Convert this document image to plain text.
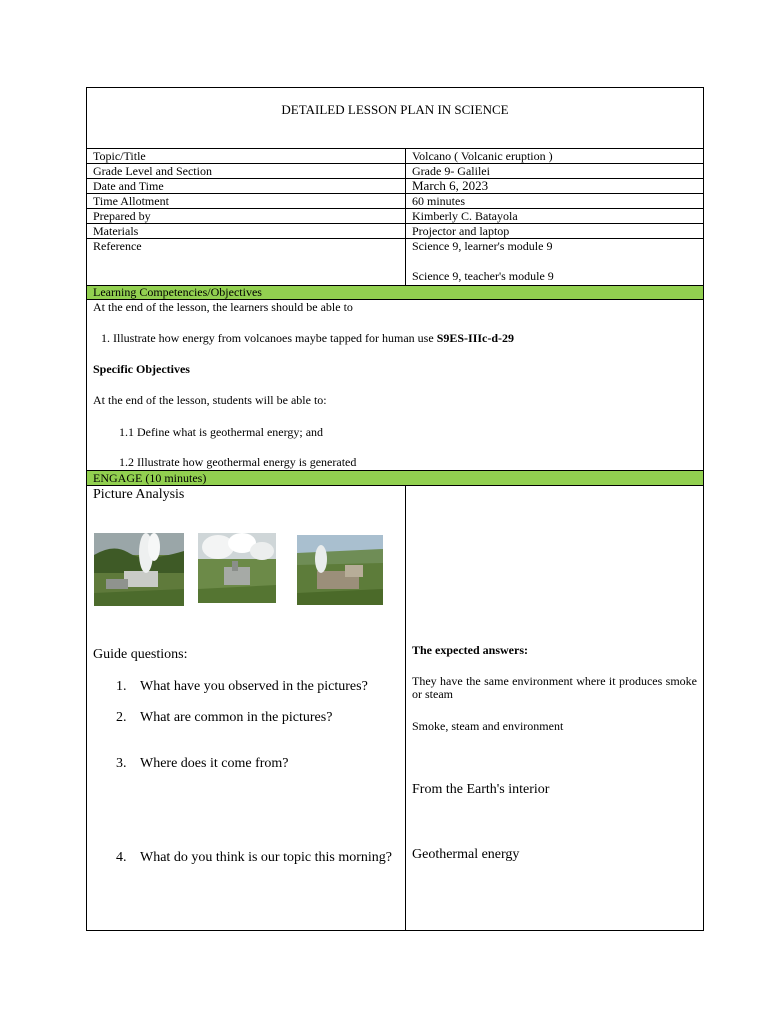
DETAILED LESSON PLAN IN SCIENCE
Topic/Title	Volcano ( Volcanic eruption )
Grade Level and Section	Grade 9- Galilei
Date and Time	March 6, 2023
Time Allotment	60 minutes
Prepared by	Kimberly C. Batayola
Materials	Projector and laptop
Reference	Science 9, learner's module 9
Science 9, teacher's module 9
Learning Competencies/Objectives
At the end of the lesson, the learners should be able to
1. Illustrate how energy from volcanoes maybe tapped for human use S9ES-IIIc-d-29
Specific Objectives
At the end of the lesson, students will be able to:
1.1 Define what is geothermal energy; and
1.2 Illustrate how geothermal energy is generated
ENGAGE (10 minutes)
Picture Analysis
Guide questions:
1. What have you observed in the pictures?
2. What are common in the pictures?
3. Where does it come from?
4. What do you think is our topic this morning?
The expected answers:
They have the same environment where it produces smoke or steam
Smoke, steam and environment
From the Earth's interior
Geothermal energy
